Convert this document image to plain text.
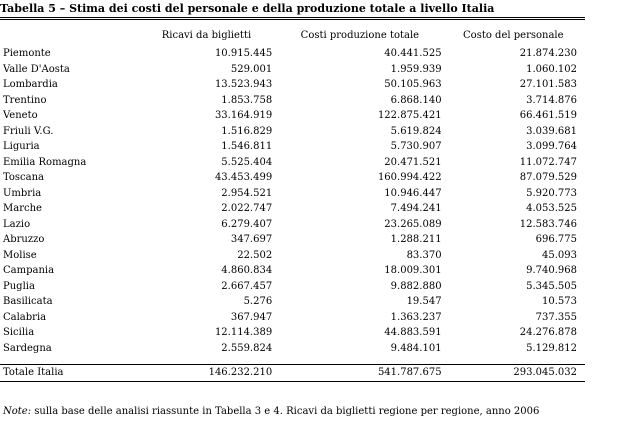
Tabella 5 – Stima dei costi del personale e della produzione totale a livello Italia
	Ricavi da biglietti	Costi produzione totale	Costo del personale
Piemonte	10.915.445	40.441.525	21.874.230
Valle D'Aosta	529.001	1.959.939	1.060.102
Lombardia	13.523.943	50.105.963	27.101.583
Trentino	1.853.758	6.868.140	3.714.876
Veneto	33.164.919	122.875.421	66.461.519
Friuli V.G.	1.516.829	5.619.824	3.039.681
Liguria	1.546.811	5.730.907	3.099.764
Emilia Romagna	5.525.404	20.471.521	11.072.747
Toscana	43.453.499	160.994.422	87.079.529
Umbria	2.954.521	10.946.447	5.920.773
Marche	2.022.747	7.494.241	4.053.525
Lazio	6.279.407	23.265.089	12.583.746
Abruzzo	347.697	1.288.211	696.775
Molise	22.502	83.370	45.093
Campania	4.860.834	18.009.301	9.740.968
Puglia	2.667.457	9.882.880	5.345.505
Basilicata	5.276	19.547	10.573
Calabria	367.947	1.363.237	737.355
Sicilia	12.114.389	44.883.591	24.276.878
Sardegna	2.559.824	9.484.101	5.129.812

Totale Italia	146.232.210	541.787.675	293.045.032
Note: sulla base delle analisi riassunte in Tabella 3 e 4. Ricavi da biglietti regione per regione, anno 2006
